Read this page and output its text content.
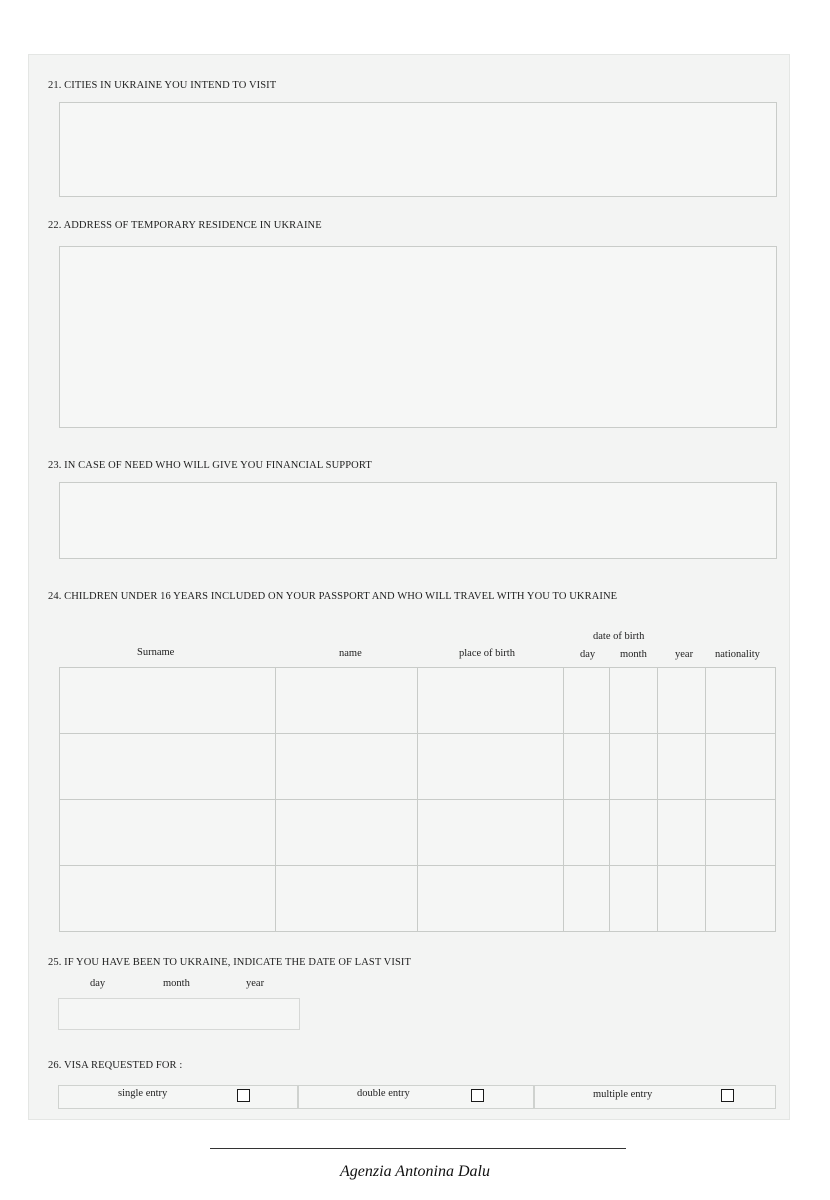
21. CITIES IN UKRAINE YOU INTEND TO VISIT
22. ADDRESS OF TEMPORARY RESIDENCE IN UKRAINE
23. IN CASE OF NEED WHO WILL GIVE YOU FINANCIAL SUPPORT
24. CHILDREN UNDER 16 YEARS INCLUDED ON YOUR PASSPORT AND WHO WILL TRAVEL WITH YOU TO UKRAINE
date of birth
Surname	name	place of birth	day month	year nationality

25. IF YOU HAVE BEEN TO UKRAINE, INDICATE THE DATE OF LAST VISIT
day	month	year
26. VISA REQUESTED FOR :
single entry	double entry	multiple entry
Agenzia Antonina Dalu
